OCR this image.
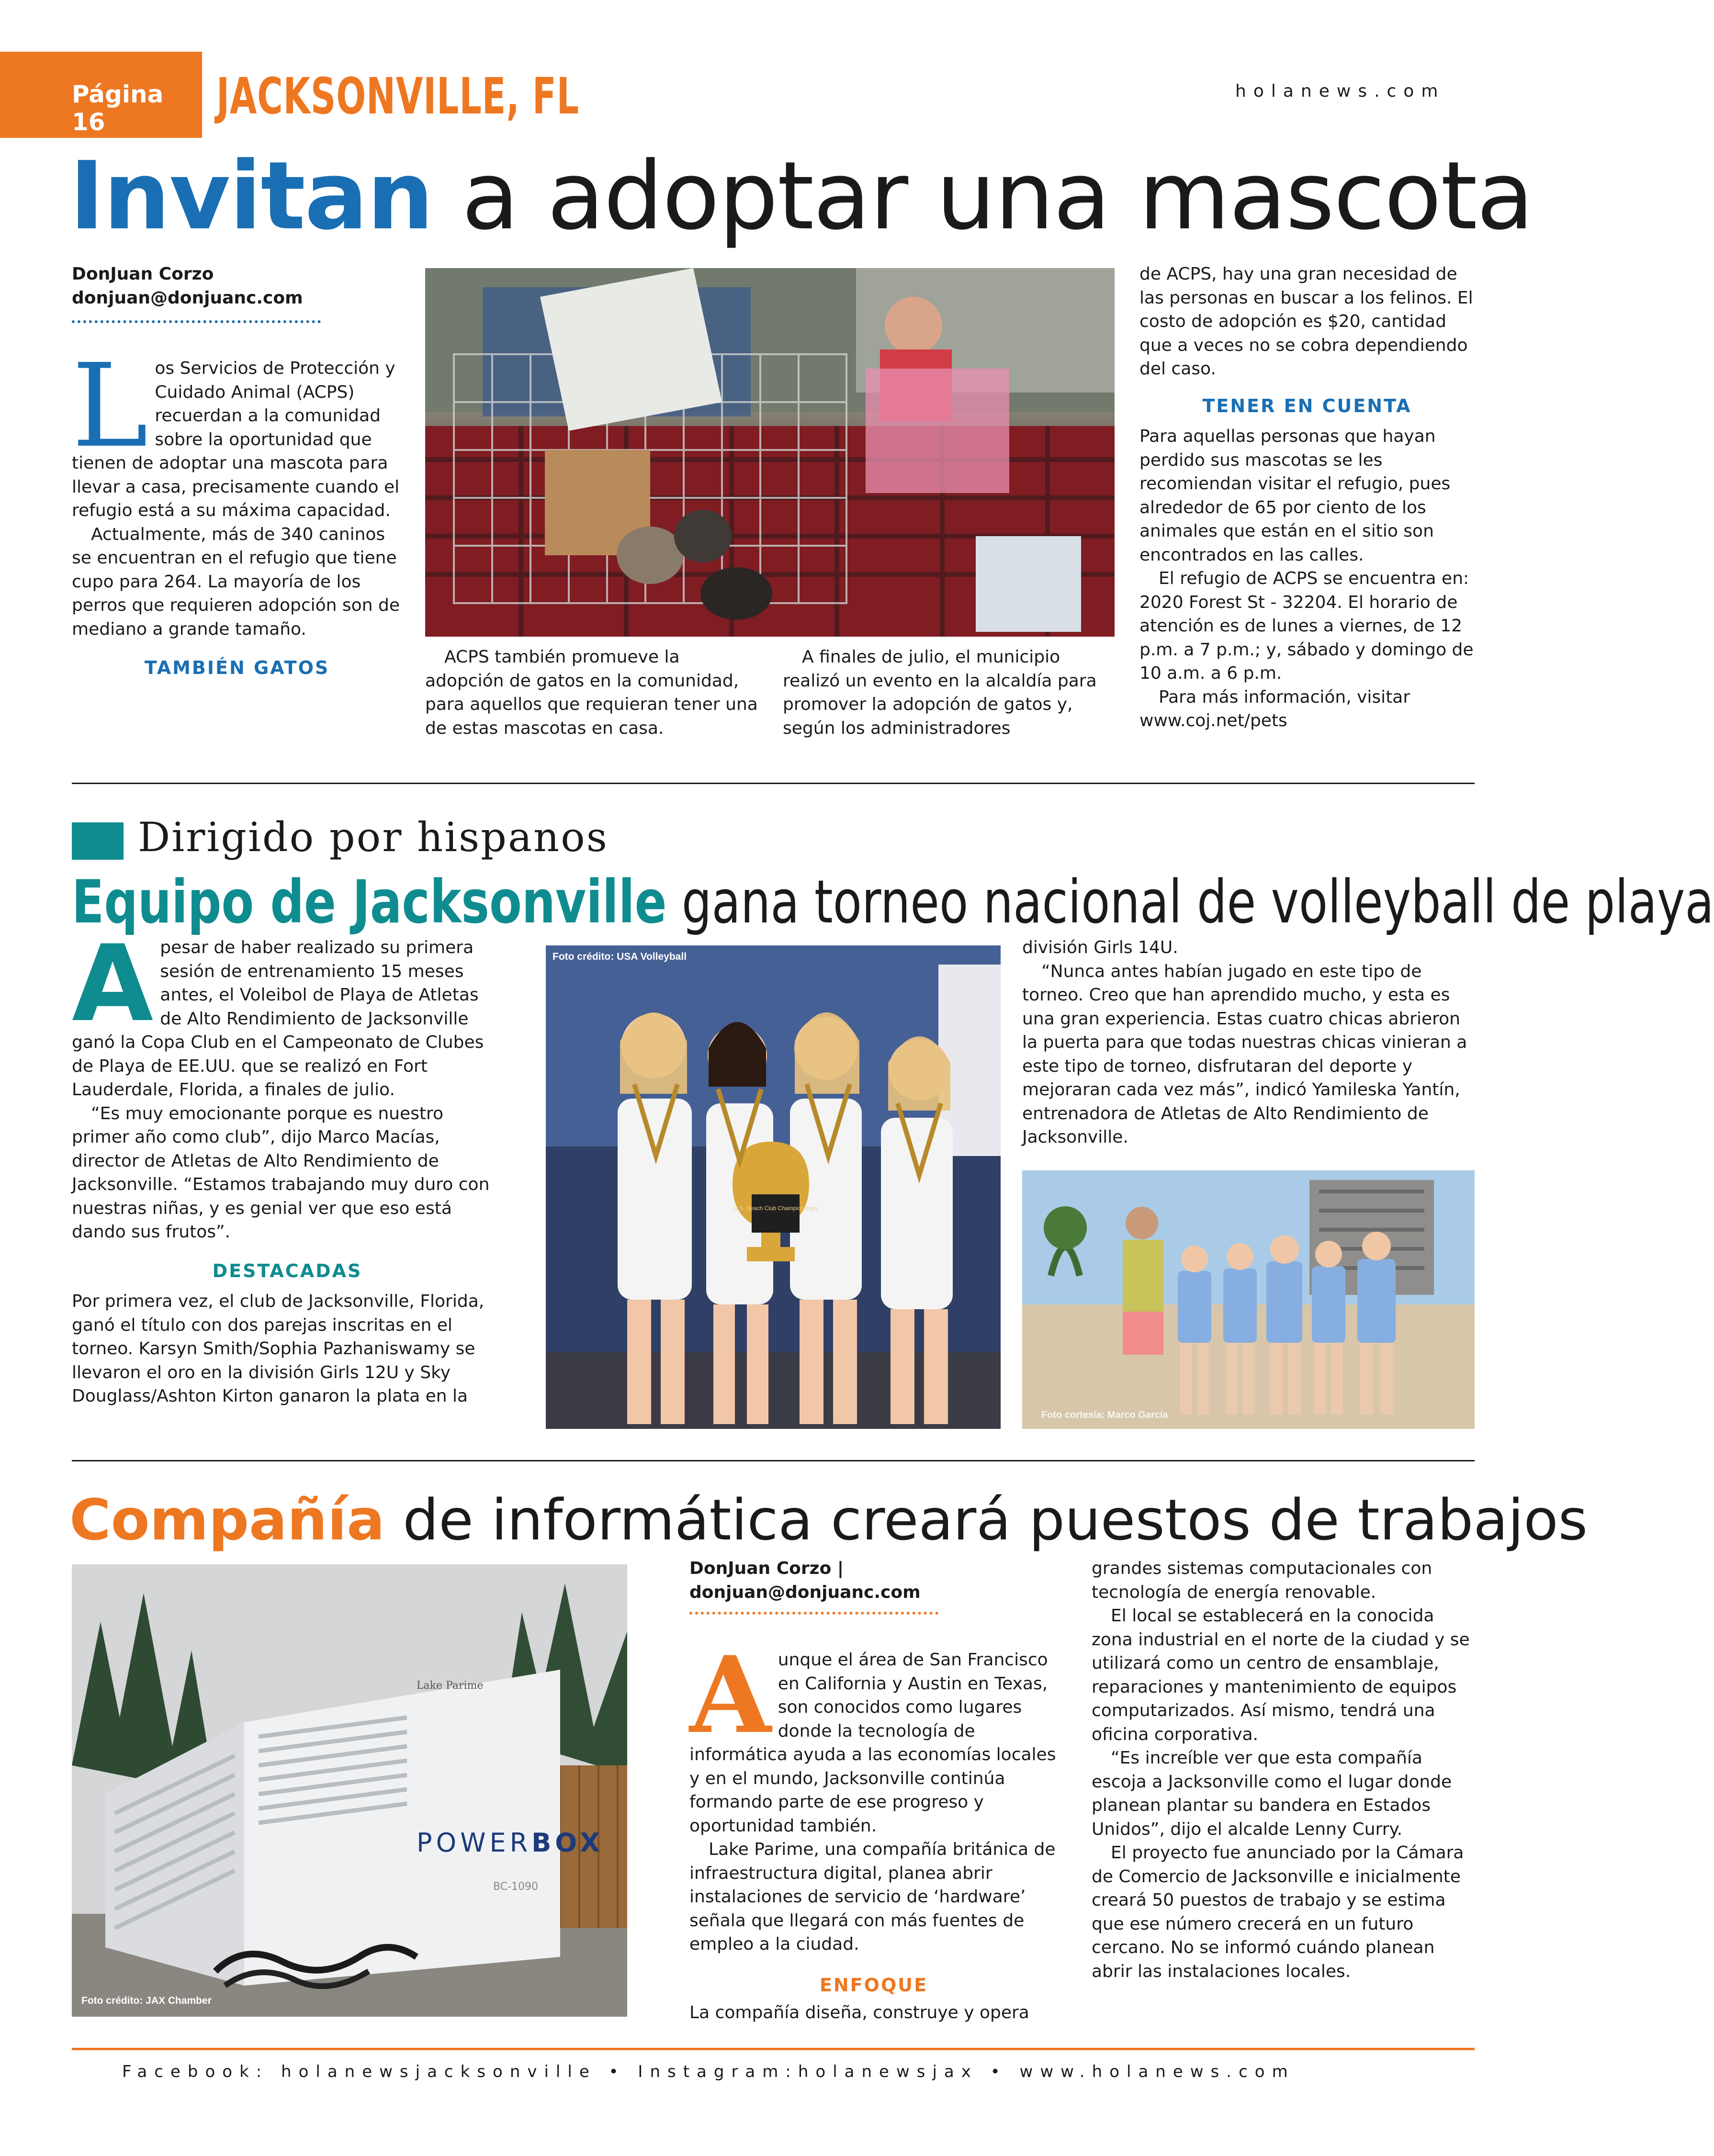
Página 16	JACKSONVILLE, FL	holanews.com
Invitan a adoptar una mascota

DonJuan Corzo

donjuan@donjuanc.com

L os Servicios de Protección y Cuidado Animal (ACPS) recuerdan a la comunidad sobre la oportunidad que tienen de adoptar una mascota para llevar a casa, precisamente cuando el refugio está a su máxima capacidad.

Actualmente, más de 340 caninos se encuentran en el refugio que tiene cupo para 264. La mayoría de los perros que requieren adopción son de mediano a grande tamaño.

TAMBIÉN GATOS

ACPS también promueve la adopción de gatos en la comunidad, para aquellos que requieran tener una de estas mascotas en casa.

A finales de julio, el municipio realizó un evento en la alcaldía para promover la adopción de gatos y, según los administradores

de ACPS, hay una gran necesidad de las personas en buscar a los felinos. El costo de adopción es $20, cantidad que a veces no se cobra dependiendo del caso.

TENER EN CUENTA

Para aquellas personas que hayan perdido sus mascotas se les recomiendan visitar el refugio, pues alrededor de 65 por ciento de los animales que están en el sitio son encontrados en las calles.

El refugio de ACPS se encuentra en: 2020 Forest St - 32204. El horario de atención es de lunes a viernes, de 12 p.m. a 7 p.m.; y, sábado y domingo de 10 a.m. a 6 p.m.

Para más información, visitar www.coj.net/pets

Dirigido por hispanos
Equipo de Jacksonville gana torneo nacional de volleyball de playa
A pesar de haber realizado su primera sesión de entrenamiento 15 meses antes, el Voleibol de Playa de Atletas de Alto Rendimiento de Jacksonville ganó la Copa Club en el Campeonato de Clubes de Playa de EE.UU. que se realizó en Fort Lauderdale, Florida, a finales de julio.

“Es muy emocionante porque es nuestro primer año como club”, dijo Marco Macías, director de Atletas de Alto Rendimiento de Jacksonville. “Estamos trabajando muy duro con nuestras niñas, y es genial ver que eso está dando sus frutos”.

DESTACADAS

Por primera vez, el club de Jacksonville, Florida, ganó el título con dos parejas inscritas en el torneo. Karsyn Smith/Sophia Pazhaniswamy se llevaron el oro en la división Girls 12U y Sky Douglass/Ashton Kirton ganaron la plata en la

U.S. Beach Club Championships
Foto crédito: USA Volleyball	división Girls 14U.

“Nunca antes habían jugado en este tipo de torneo. Creo que han aprendido mucho, y esta es una gran experiencia. Estas cuatro chicas abrieron la puerta para que todas nuestras chicas vinieran a este tipo de torneo, disfrutaran del deporte y mejoraran cada vez más”, indicó Yamileska Yantín, entrenadora de Atletas de Alto Rendimiento de Jacksonville.

Foto cortesía: Marco García
Compañía de informática creará puestos de trabajos
Lake Parime
POWERBOX
BC-1090
Foto crédito: JAX Chamber

DonJuan Corzo | donjuan@donjuanc.com

A unque el área de San Francisco en California y Austin en Texas, son conocidos como lugares donde la tecnología de informática ayuda a las economías locales y en el mundo, Jacksonville continúa formando parte de ese progreso y oportunidad también.

Lake Parime, una compañía británica de infraestructura digital, planea abrir instalaciones de servicio de ‘hardware’ señala que llegará con más fuentes de empleo a la ciudad.

ENFOQUE

La compañía diseña, construye y opera

grandes sistemas computacionales con tecnología de energía renovable.

El local se establecerá en la conocida zona industrial en el norte de la ciudad y se utilizará como un centro de ensamblaje, reparaciones y mantenimiento de equipos computarizados. Así mismo, tendrá una oficina corporativa.

“Es increíble ver que esta compañía escoja a Jacksonville como el lugar donde planean plantar su bandera en Estados Unidos”, dijo el alcalde Lenny Curry.

El proyecto fue anunciado por la Cámara de Comercio de Jacksonville e inicialmente creará 50 puestos de trabajo y se estima que ese número crecerá en un futuro cercano. No se informó cuándo planean abrir las instalaciones locales.

Facebook: holanewsjacksonville • Instagram:holanewsjax • www.holanews.com
